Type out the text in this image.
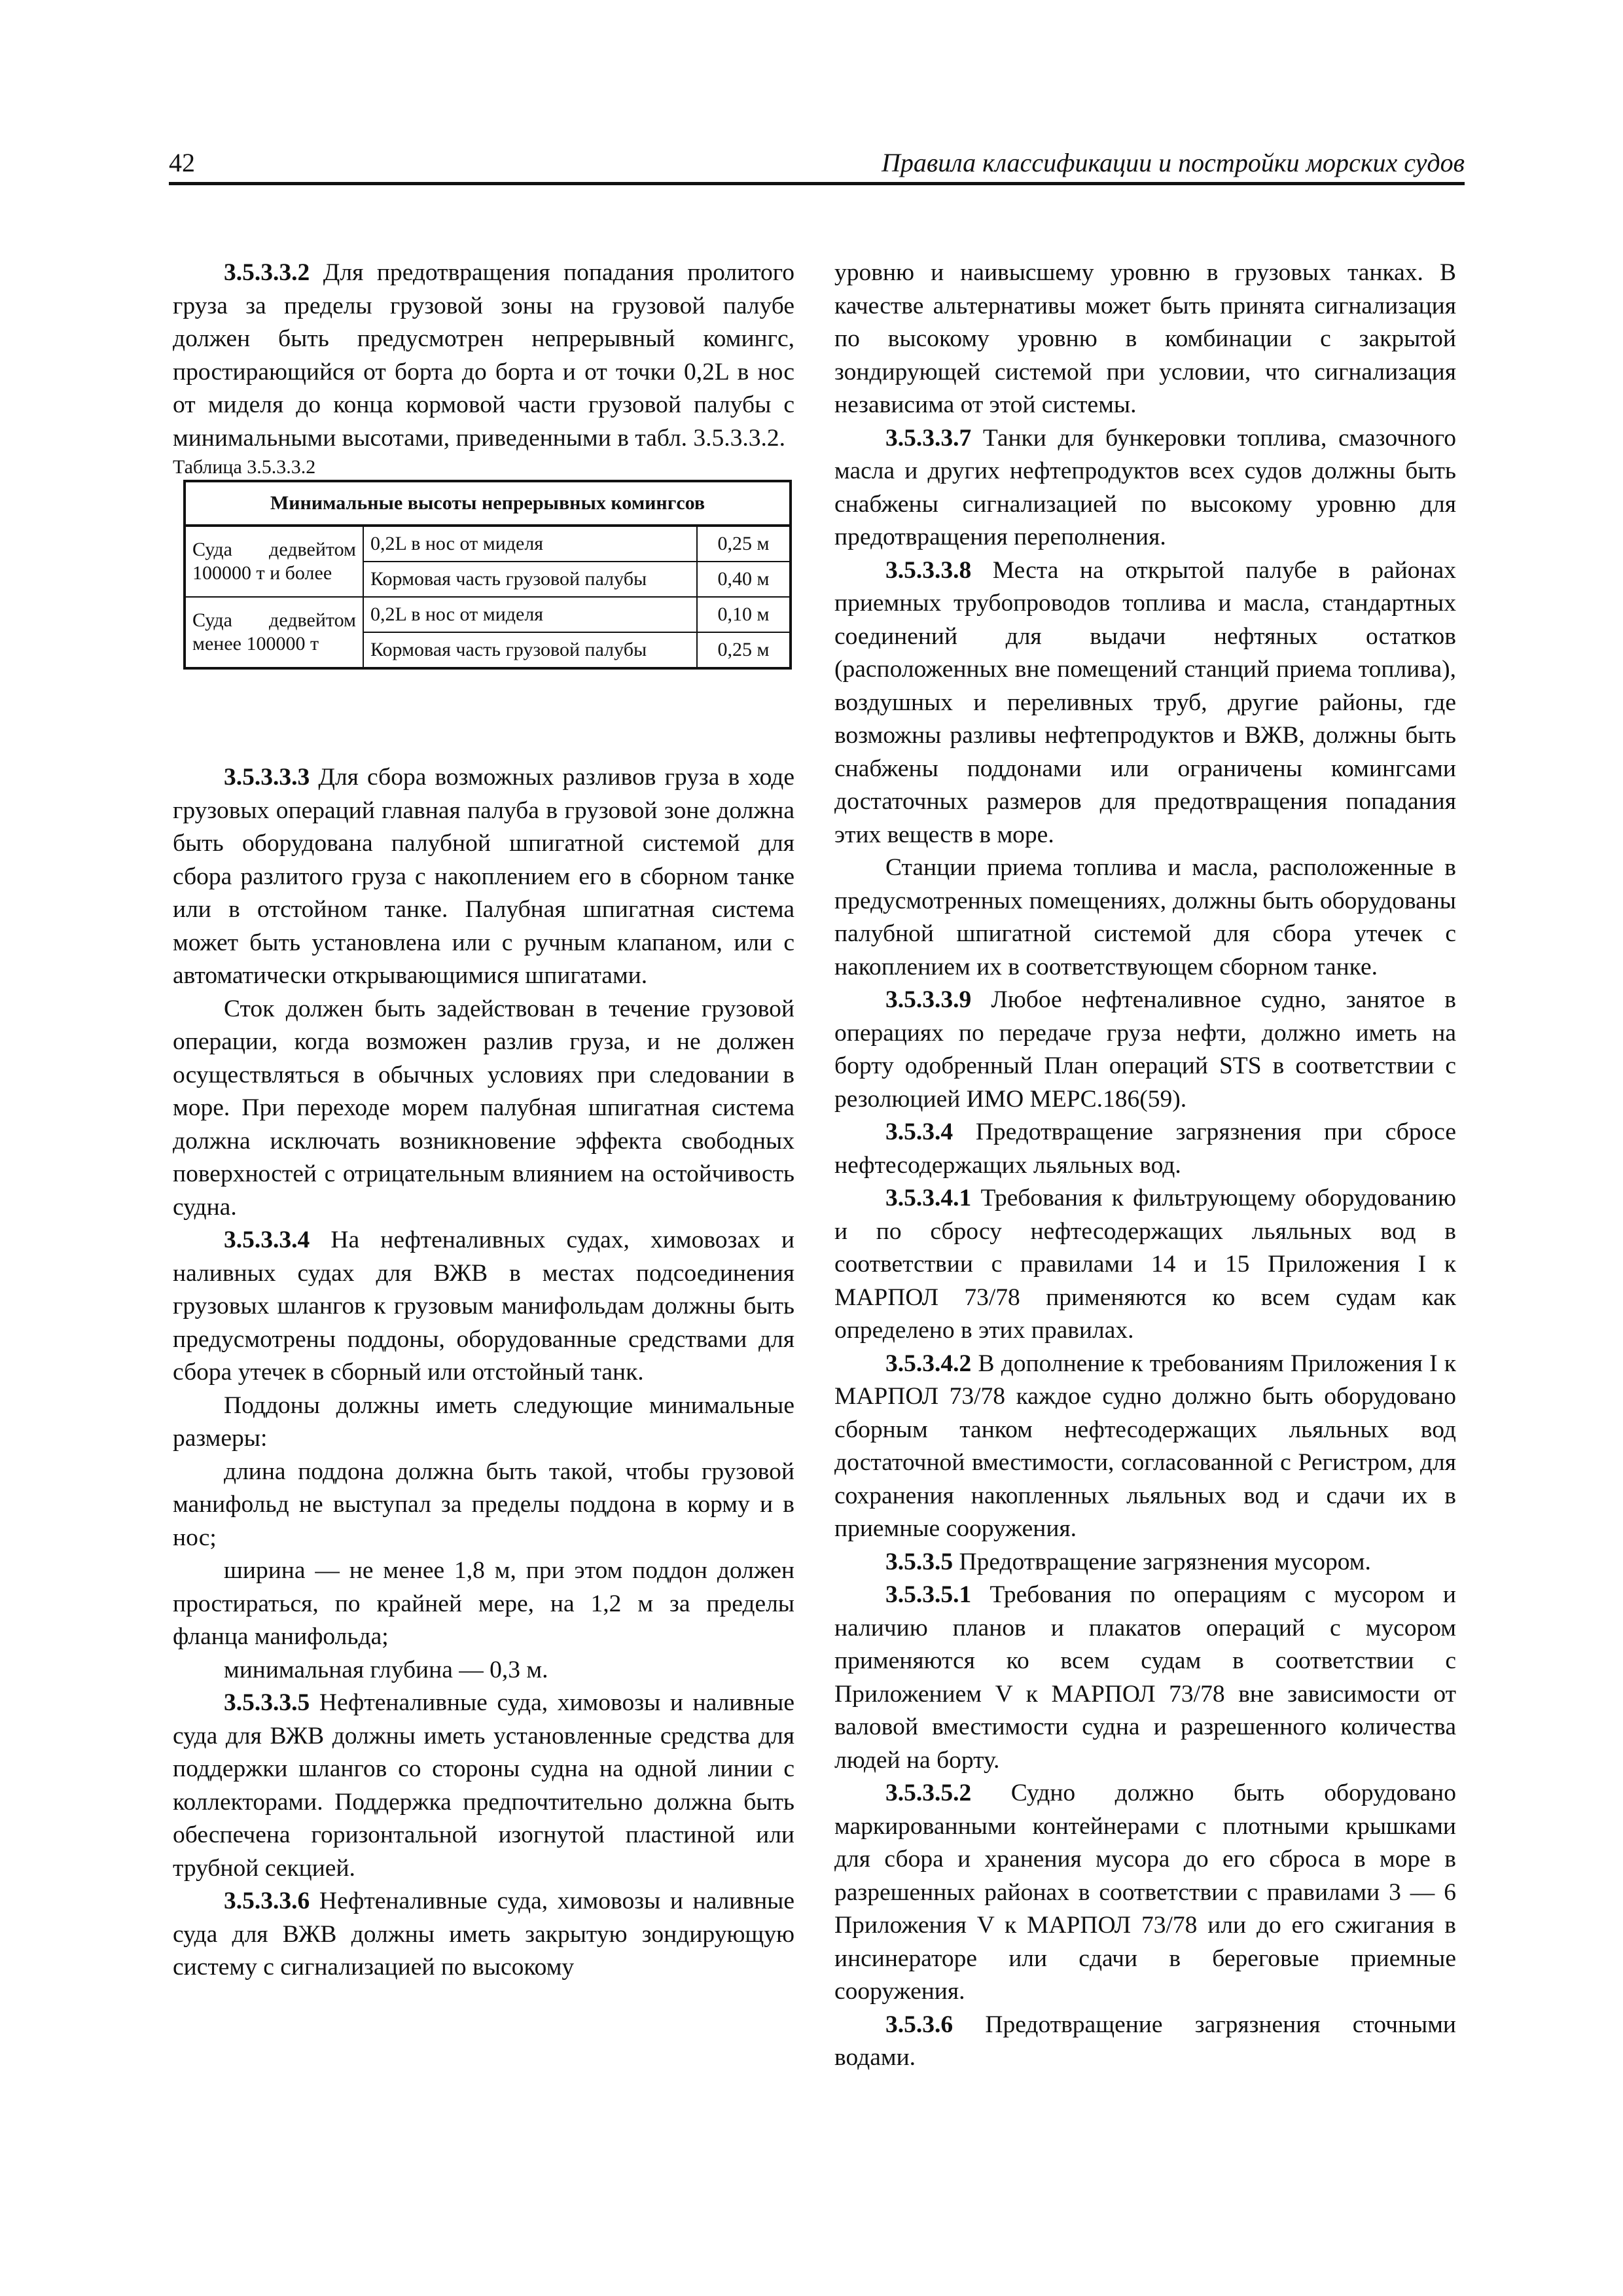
42	Правила классификации и постройки морских судов

3.5.3.3.2 Для предотвращения попадания пролитого груза за пределы грузовой зоны на грузовой палубе должен быть предусмотрен непрерывный комингс, простирающийся от борта до борта и от точки 0,2L в нос от миделя до конца кормовой части грузовой палубы с минимальными высотами, приведенными в табл. 3.5.3.3.2.

Таблица 3.5.3.3.2

Минимальные высоты непрерывных комингсов		
Суда дедвейтом 100000 т и более	0,2L в нос от миделя	0,25 м
	Кормовая часть грузовой палубы	0,40 м
Суда дедвейтом менее 100000 т	0,2L в нос от миделя	0,10 м
	Кормовая часть грузовой палубы	0,25 м

3.5.3.3.3 Для сбора возможных разливов груза в ходе грузовых операций главная палуба в грузовой зоне должна быть оборудована палубной шпигатной системой для сбора разлитого груза с накоплением его в сборном танке или в отстойном танке. Палубная шпигатная система может быть установлена или с ручным клапаном, или с автоматически открывающимися шпигатами.

Сток должен быть задействован в течение грузовой операции, когда возможен разлив груза, и не должен осуществляться в обычных условиях при следовании в море. При переходе морем палубная шпигатная система должна исключать возникновение эффекта свободных поверхностей с отрицательным влиянием на остойчивость судна.

3.5.3.3.4 На нефтеналивных судах, химовозах и наливных судах для ВЖВ в местах подсоединения грузовых шлангов к грузовым манифольдам должны быть предусмотрены поддоны, оборудованные средствами для сбора утечек в сборный или отстойный танк.

Поддоны должны иметь следующие минимальные размеры:

длина поддона должна быть такой, чтобы грузовой манифольд не выступал за пределы поддона в корму и в нос;

ширина — не менее 1,8 м, при этом поддон должен простираться, по крайней мере, на 1,2 м за пределы фланца манифольда;

минимальная глубина — 0,3 м.

3.5.3.3.5 Нефтеналивные суда, химовозы и наливные суда для ВЖВ должны иметь установленные средства для поддержки шлангов со стороны судна на одной линии с коллекторами. Поддержка предпочтительно должна быть обеспечена горизонтальной изогнутой пластиной или трубной секцией.

3.5.3.3.6 Нефтеналивные суда, химовозы и наливные суда для ВЖВ должны иметь закрытую зондирующую систему с сигнализацией по высокому

уровню и наивысшему уровню в грузовых танках. В качестве альтернативы может быть принята сигнализация по высокому уровню в комбинации с закрытой зондирующей системой при условии, что сигнализация независима от этой системы.

3.5.3.3.7 Танки для бункеровки топлива, смазочного масла и других нефтепродуктов всех судов должны быть снабжены сигнализацией по высокому уровню для предотвращения переполнения.

3.5.3.3.8 Места на открытой палубе в районах приемных трубопроводов топлива и масла, стандартных соединений для выдачи нефтяных остатков (расположенных вне помещений станций приема топлива), воздушных и переливных труб, другие районы, где возможны разливы нефтепродуктов и ВЖВ, должны быть снабжены поддонами или ограничены комингсами достаточных размеров для предотвращения попадания этих веществ в море.

Станции приема топлива и масла, расположенные в предусмотренных помещениях, должны быть оборудованы палубной шпигатной системой для сбора утечек с накоплением их в соответствующем сборном танке.

3.5.3.3.9 Любое нефтеналивное судно, занятое в операциях по передаче груза нефти, должно иметь на борту одобренный План операций STS в соответствии с резолюцией ИМО MEPC.186(59).

3.5.3.4 Предотвращение загрязнения при сбросе нефтесодержащих льяльных вод.

3.5.3.4.1 Требования к фильтрующему оборудованию и по сбросу нефтесодержащих льяльных вод в соответствии с правилами 14 и 15 Приложения I к МАРПОЛ 73/78 применяются ко всем судам как определено в этих правилах.

3.5.3.4.2 В дополнение к требованиям Приложения I к МАРПОЛ 73/78 каждое судно должно быть оборудовано сборным танком нефтесодержащих льяльных вод достаточной вместимости, согласованной с Регистром, для сохранения накопленных льяльных вод и сдачи их в приемные сооружения.

3.5.3.5 Предотвращение загрязнения мусором.

3.5.3.5.1 Требования по операциям с мусором и наличию планов и плакатов операций с мусором применяются ко всем судам в соответствии с Приложением V к МАРПОЛ 73/78 вне зависимости от валовой вместимости судна и разрешенного количества людей на борту.

3.5.3.5.2 Судно должно быть оборудовано маркированными контейнерами с плотными крышками для сбора и хранения мусора до его сброса в море в разрешенных районах в соответствии с правилами 3 — 6 Приложения V к МАРПОЛ 73/78 или до его сжигания в инсинераторе или сдачи в береговые приемные сооружения.

3.5.3.6 Предотвращение загрязнения сточными водами.
